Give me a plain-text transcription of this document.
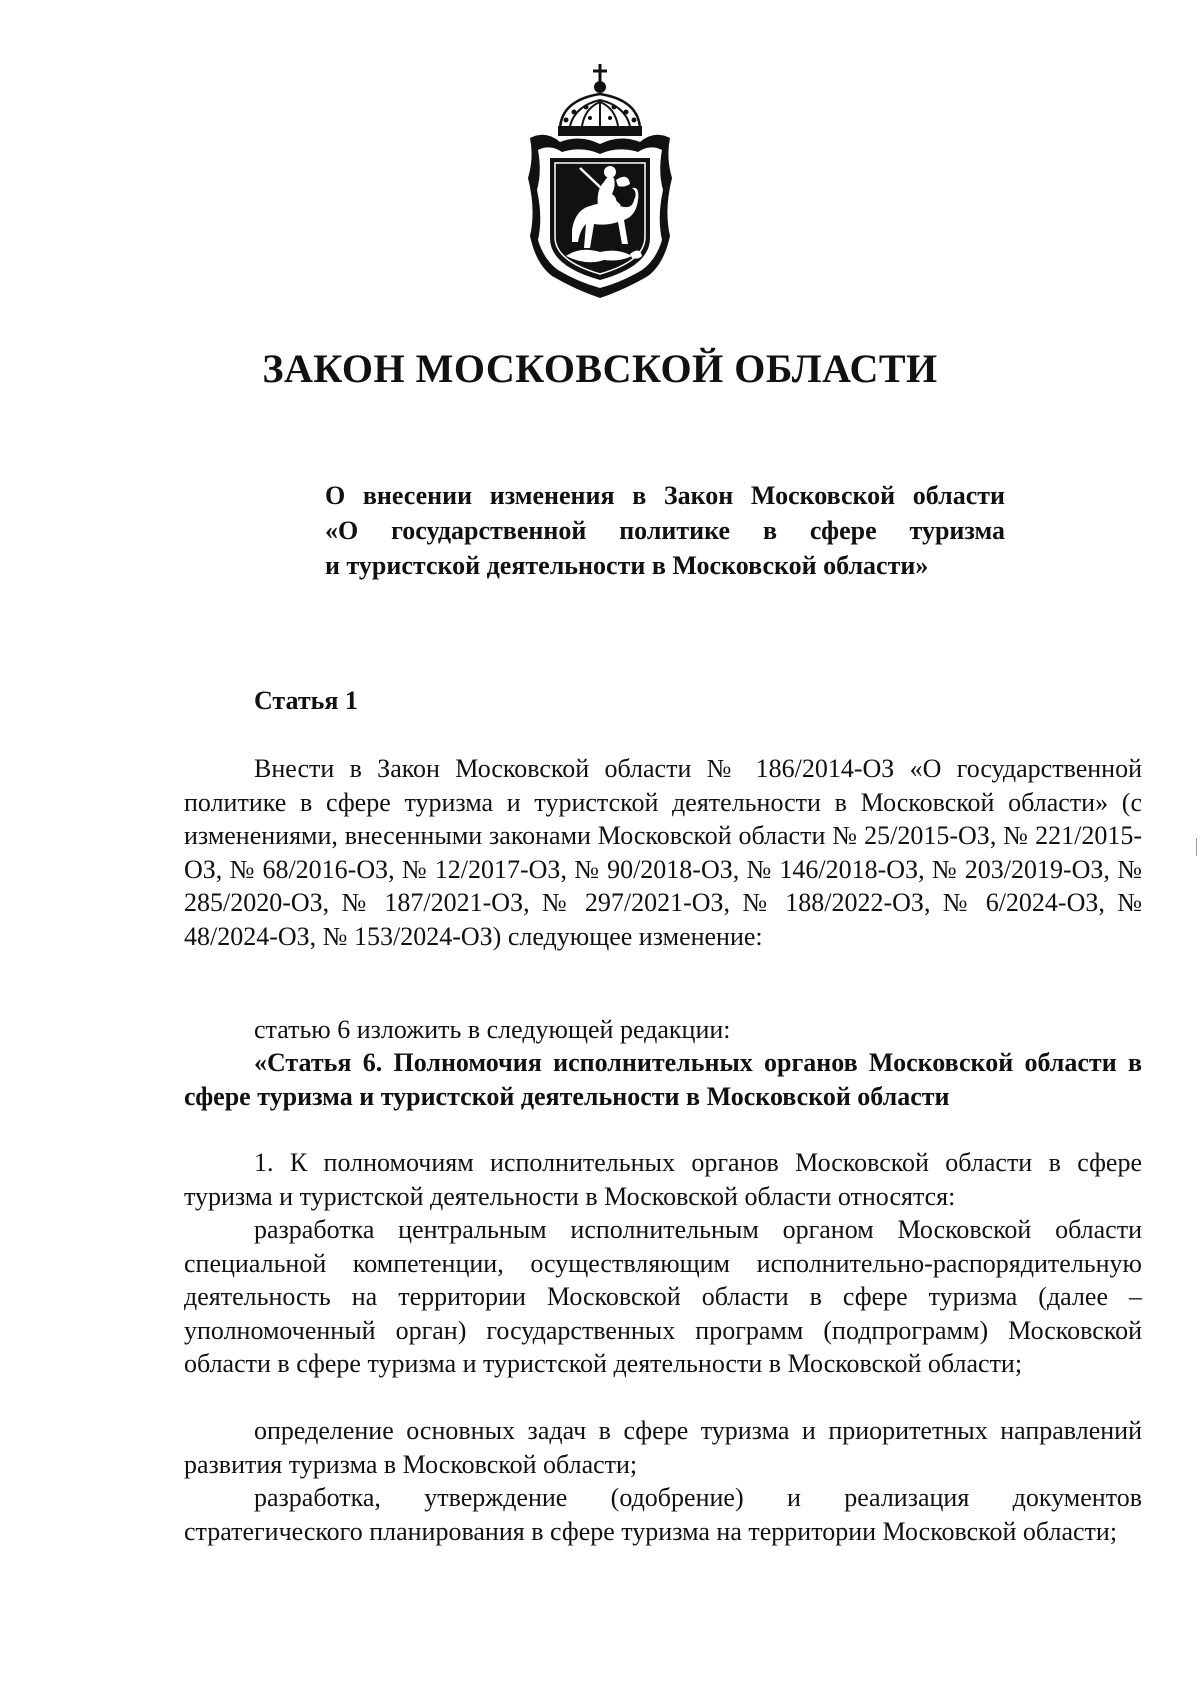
ЗАКОН МОСКОВСКОЙ ОБЛАСТИ
О внесении изменения в Закон Московской области
«О государственной политике в сфере туризма
и туристской деятельности в Московской области»

Статья 1

Внести в Закон Московской области № 186/2014-ОЗ «О государственной политике в сфере туризма и туристской деятельности в Московской области» (с изменениями, внесенными законами Московской области № 25/2015-ОЗ, № 221/2015-ОЗ, № 68/2016-ОЗ, № 12/2017-ОЗ, № 90/2018-ОЗ, № 146/2018-ОЗ, № 203/2019-ОЗ, № 285/2020-ОЗ, № 187/2021-ОЗ, № 297/2021-ОЗ, № 188/2022-ОЗ, № 6/2024-ОЗ, № 48/2024-ОЗ, № 153/2024-ОЗ) следующее изменение:

статью 6 изложить в следующей редакции:

«Статья 6. Полномочия исполнительных органов Московской области в сфере туризма и туристской деятельности в Московской области

1. К полномочиям исполнительных органов Московской области в сфере туризма и туристской деятельности в Московской области относятся:

разработка центральным исполнительным органом Московской области специальной компетенции, осуществляющим исполнительно-распорядительную деятельность на территории Московской области в сфере туризма (далее – уполномоченный орган) государственных программ (подпрограмм) Московской области в сфере туризма и туристской деятельности в Московской области;

определение основных задач в сфере туризма и приоритетных направлений развития туризма в Московской области;

разработка, утверждение (одобрение) и реализация документов стратегического планирования в сфере туризма на территории Московской области;
